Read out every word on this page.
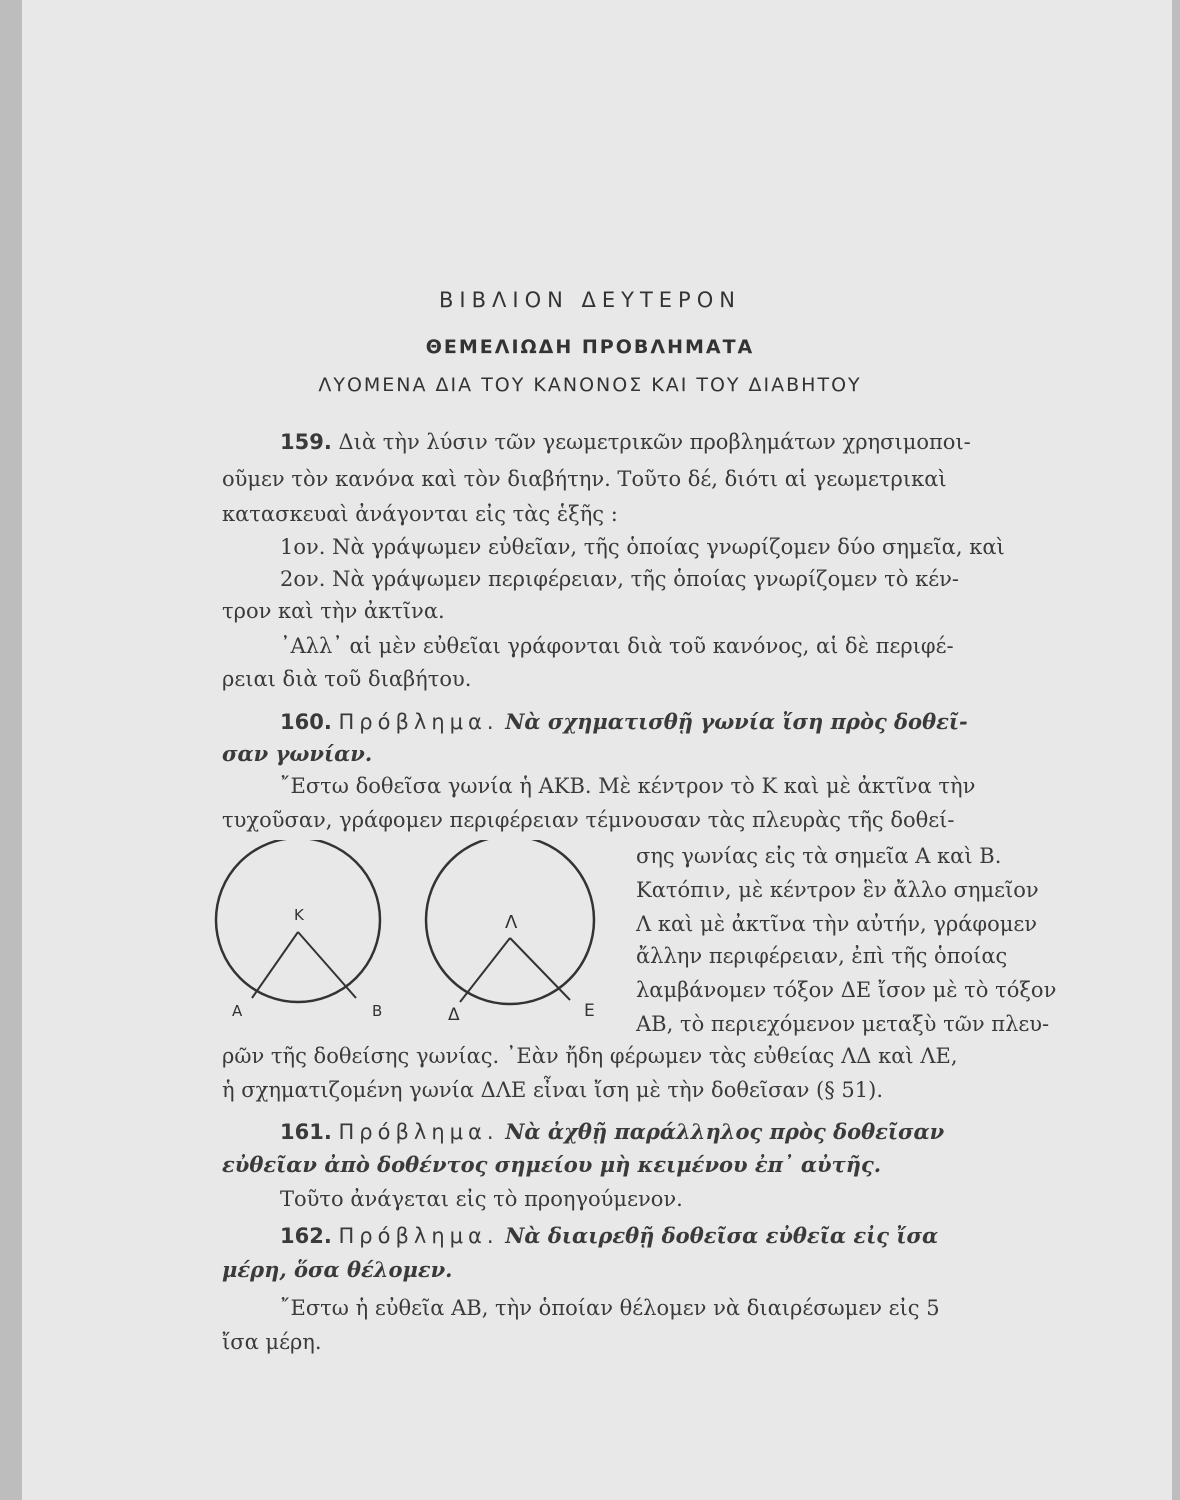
ΒΙΒΛΙΟΝ ΔΕΥΤΕΡΟΝ
ΘΕΜΕΛΙΩΔΗ ΠΡΟΒΛΗΜΑΤΑ
ΛΥΟΜΕΝΑ ΔΙΑ ΤΟΥ ΚΑΝΟΝΟΣ ΚΑΙ ΤΟΥ ΔΙΑΒΗΤΟΥ
159. Διὰ τὴν λύσιν τῶν γεωμετρικῶν προβλημάτων χρησιμοποι-
οῦμεν τὸν κανόνα καὶ τὸν διαβήτην. Τοῦτο δέ, διότι αἱ γεωμετρικαὶ
κατασκευαὶ ἀνάγονται εἰς τὰς ἑξῆς :
1ον. Νὰ γράψωμεν εὐθεῖαν, τῆς ὁποίας γνωρίζομεν δύο σημεῖα, καὶ
2ον. Νὰ γράψωμεν περιφέρειαν, τῆς ὁποίας γνωρίζομεν τὸ κέν-
τρον καὶ τὴν ἀκτῖνα.
᾿Αλλ᾿ αἱ μὲν εὐθεῖαι γράφονται διὰ τοῦ κανόνος, αἱ δὲ περιφέ-
ρειαι διὰ τοῦ διαβήτου.
160. Πρόβλημα. Νὰ σχηματισθῇ γωνία ἴση πρὸς δοθεῖ-
σαν γωνίαν.
῎Εστω δοθεῖσα γωνία ἡ ΑΚΒ. Μὲ κέντρον τὸ Κ καὶ μὲ ἀκτῖνα τὴν
τυχοῦσαν, γράφομεν περιφέρειαν τέμνουσαν τὰς πλευρὰς τῆς δοθεί-
σης γωνίας εἰς τὰ σημεῖα Α καὶ Β.
Κατόπιν, μὲ κέντρον ἓν ἄλλο σημεῖον
Λ καὶ μὲ ἀκτῖνα τὴν αὐτήν, γράφομεν
ἄλλην περιφέρειαν, ἐπὶ τῆς ὁποίας
λαμβάνομεν τόξον ΔΕ ἴσον μὲ τὸ τόξον
ΑΒ, τὸ περιεχόμενον μεταξὺ τῶν πλευ-
ρῶν τῆς δοθείσης γωνίας. ᾿Εὰν ἤδη φέρωμεν τὰς εὐθείας ΛΔ καὶ ΛΕ,
ἡ σχηματιζομένη γωνία ΔΛΕ εἶναι ἴση μὲ τὴν δοθεῖσαν (§ 51).
Κ
Α	Β
Λ
Δ	Ε
161. Πρόβλημα. Νὰ ἀχθῇ παράλληλος πρὸς δοθεῖσαν
εὐθεῖαν ἀπὸ δοθέντος σημείου μὴ κειμένου ἐπ᾿ αὐτῆς.
Τοῦτο ἀνάγεται εἰς τὸ προηγούμενον.
162. Πρόβλημα. Νὰ διαιρεθῇ δοθεῖσα εὐθεῖα εἰς ἴσα
μέρη, ὅσα θέλομεν.
῎Εστω ἡ εὐθεῖα ΑΒ, τὴν ὁποίαν θέλομεν νὰ διαιρέσωμεν εἰς 5
ἴσα μέρη.
